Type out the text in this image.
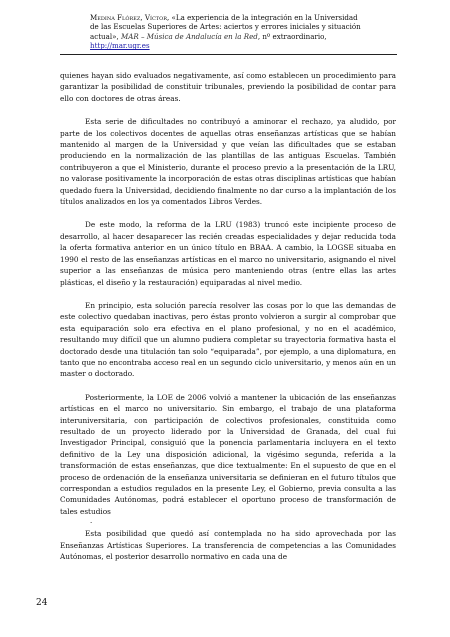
Medina Flórez, Víctor, «La experiencia de la integración en la Universidad de las Escuelas Superiores de Artes: aciertos y errores iniciales y situación actual», MAR – Música de Andalucía en la Red, nº extraordinario, http://mar.ugr.es

quienes hayan sido evaluados negativamente, así como establecen un procedimiento para garantizar la posibilidad de constituir tribunales, previendo la posibilidad de contar para ello con doctores de otras áreas.

Esta serie de dificultades no contribuyó a aminorar el rechazo, ya aludido, por parte de los colectivos docentes de aquellas otras enseñanzas artísticas que se habían mantenido al margen de la Universidad y que veían las dificultades que se estaban produciendo en la normalización de las plantillas de las antiguas Escuelas. También contribuyeron a que el Ministerio, durante el proceso previo a la presentación de la LRU, no valorase positivamente la incorporación de estas otras disciplinas artísticas que habían quedado fuera la Universidad, decidiendo finalmente no dar curso a la implantación de los títulos analizados en los ya comentados Libros Verdes.

De este modo, la reforma de la LRU (1983) truncó este incipiente proceso de desarrollo, al hacer desaparecer las recién creadas especialidades y dejar reducida toda la oferta formativa anterior en un único título en BBAA. A cambio, la LOGSE situaba en 1990 el resto de las enseñanzas artísticas en el marco no universitario, asignando el nivel superior a las enseñanzas de música pero manteniendo otras (entre ellas las artes plásticas, el diseño y la restauración) equiparadas al nivel medio.

En principio, esta solución parecía resolver las cosas por lo que las demandas de este colectivo quedaban inactivas, pero éstas pronto volvieron a surgir al comprobar que esta equiparación solo era efectiva en el plano profesional, y no en el académico, resultando muy difícil que un alumno pudiera completar su trayectoria formativa hasta el doctorado desde una titulación tan solo “equiparada”, por ejemplo, a una diplomatura, en tanto que no encontraba acceso real en un segundo ciclo universitario, y menos aún en un master o doctorado.

Posteriormente, la LOE de 2006 volvió a mantener la ubicación de las enseñanzas artísticas en el marco no universitario. Sin embargo, el trabajo de una plataforma interuniversitaria, con participación de colectivos profesionales, constituida como resultado de un proyecto liderado por la Universidad de Granada, del cual fui Investigador Principal, consiguió que la ponencia parlamentaria incluyera en el texto definitivo de la Ley una disposición adicional, la vigésimo segunda, referida a la transformación de estas enseñanzas, que dice textualmente: En el supuesto de que en el proceso de ordenación de la enseñanza universitaria se definieran en el futuro títulos que correspondan a estudios regulados en la presente Ley, el Gobierno, previa consulta a las Comunidades Autónomas, podrá establecer el oportuno proceso de transformación de tales estudios

.

Esta posibilidad que quedó así contemplada no ha sido aprovechada por las Enseñanzas Artísticas Superiores. La transferencia de competencias a las Comunidades Autónomas, el posterior desarrollo normativo en cada una de

24
